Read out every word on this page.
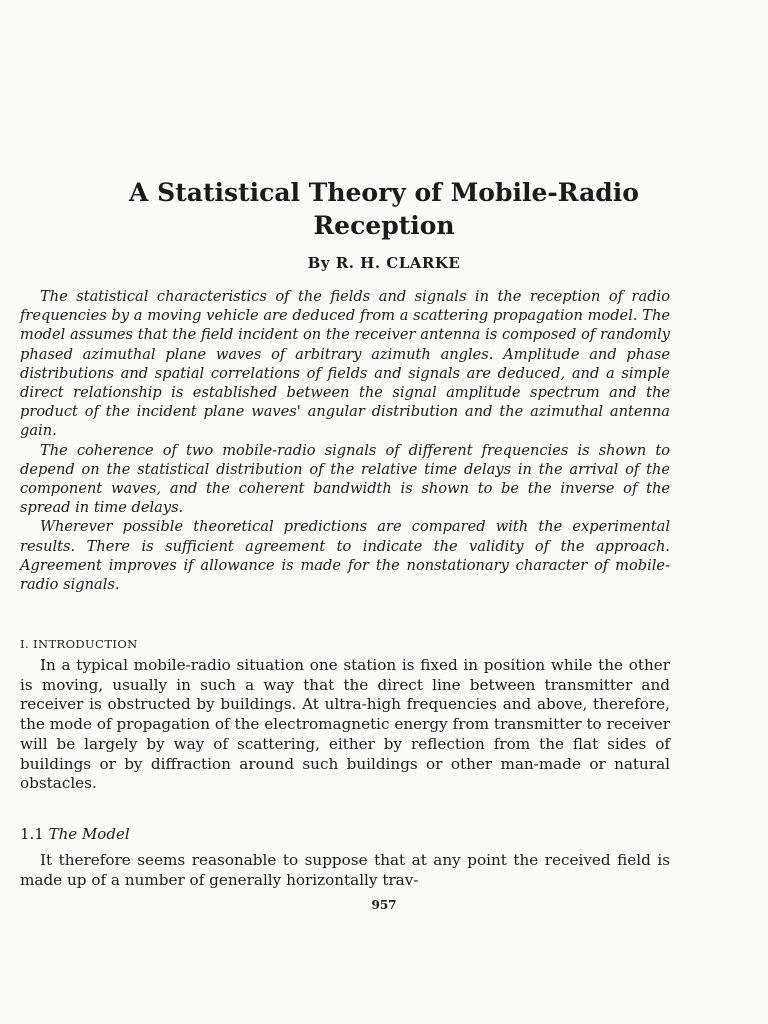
A Statistical Theory of Mobile-Radio
Reception
By R. H. CLARKE

The statistical characteristics of the fields and signals in the reception of radio frequencies by a moving vehicle are deduced from a scattering propagation model. The model assumes that the field incident on the receiver antenna is composed of randomly phased azimuthal plane waves of arbitrary azimuth angles. Amplitude and phase distributions and spatial correlations of fields and signals are deduced, and a simple direct relationship is established between the signal amplitude spectrum and the product of the incident plane waves' angular distribution and the azimuthal antenna gain.

The coherence of two mobile-radio signals of different frequencies is shown to depend on the statistical distribution of the relative time delays in the arrival of the component waves, and the coherent bandwidth is shown to be the inverse of the spread in time delays.

Wherever possible theoretical predictions are compared with the experimental results. There is sufficient agreement to indicate the validity of the approach. Agreement improves if allowance is made for the nonstationary character of mobile-radio signals.

I. INTRODUCTION

In a typical mobile-radio situation one station is fixed in position while the other is moving, usually in such a way that the direct line between transmitter and receiver is obstructed by buildings. At ultra-high frequencies and above, therefore, the mode of propagation of the electromagnetic energy from transmitter to receiver will be largely by way of scattering, either by reflection from the flat sides of buildings or by diffraction around such buildings or other man-made or natural obstacles.

1.1 The Model

It therefore seems reasonable to suppose that at any point the received field is made up of a number of generally horizontally trav-

957
